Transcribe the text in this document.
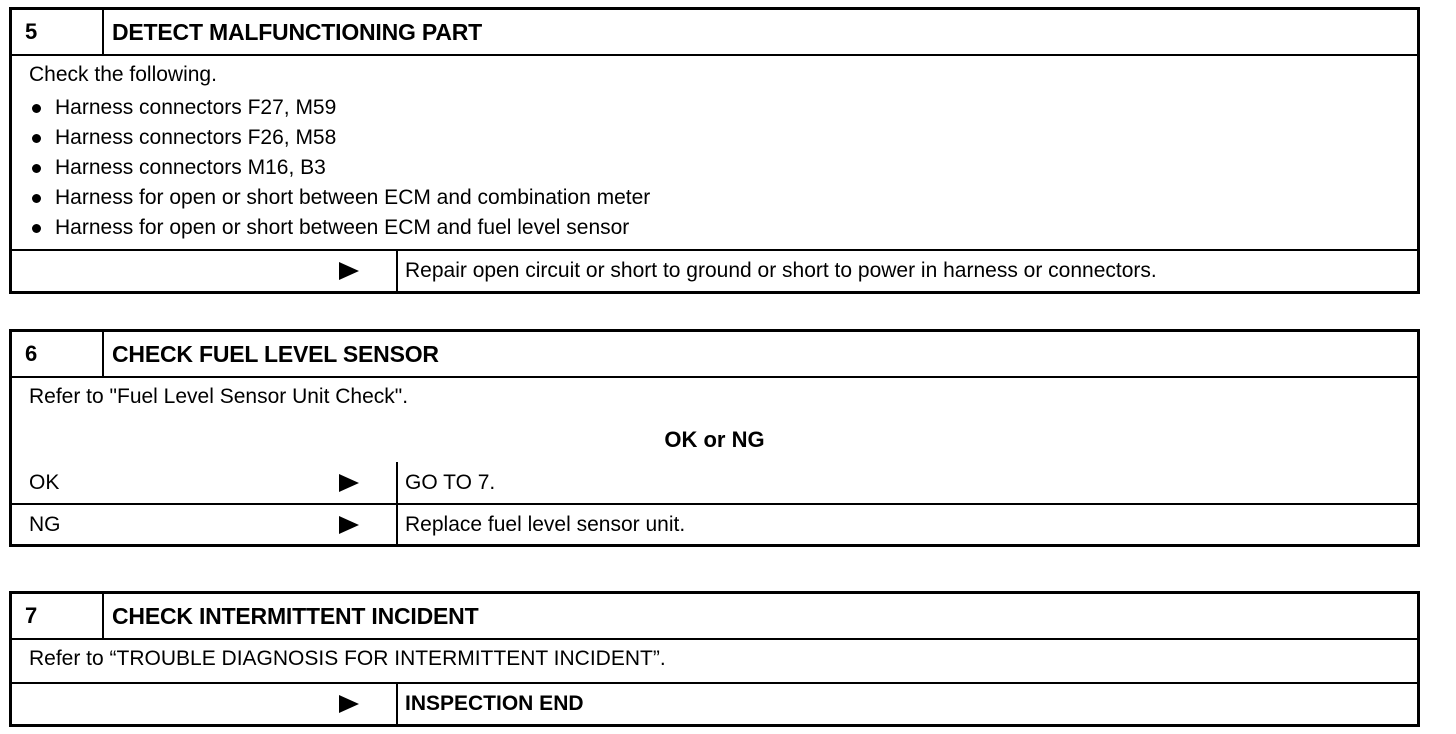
5	DETECT MALFUNCTIONING PART
Check the following.
Harness connectors F27, M59
Harness connectors F26, M58
Harness connectors M16, B3
Harness for open or short between ECM and combination meter
Harness for open or short between ECM and fuel level sensor
Repair open circuit or short to ground or short to power in harness or connectors.
6	CHECK FUEL LEVEL SENSOR
Refer to "Fuel Level Sensor Unit Check".
OK or NG
OK	GO TO 7.
NG	Replace fuel level sensor unit.
7	CHECK INTERMITTENT INCIDENT
Refer to “TROUBLE DIAGNOSIS FOR INTERMITTENT INCIDENT”.
INSPECTION END
